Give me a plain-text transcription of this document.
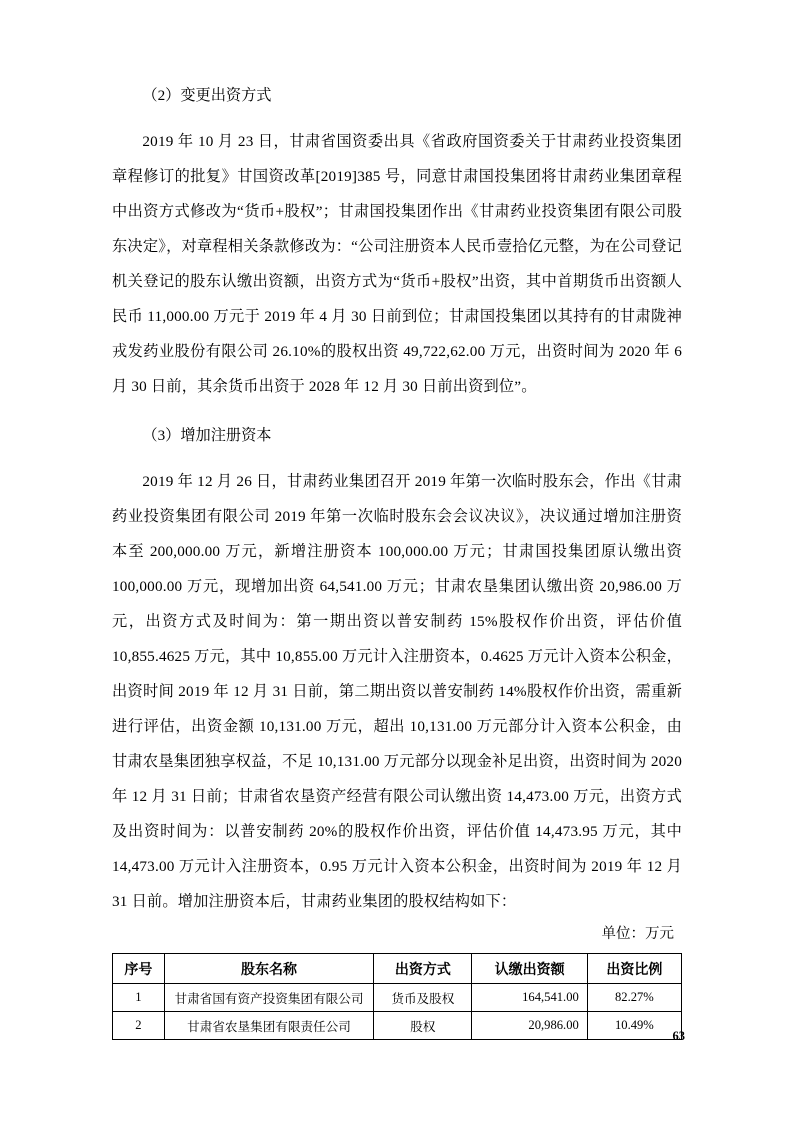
（2）变更出资方式

2019 年 10 月 23 日，甘肃省国资委出具《省政府国资委关于甘肃药业投资集团章程修订的批复》甘国资改革[2019]385 号，同意甘肃国投集团将甘肃药业集团章程中出资方式修改为“货币+股权”；甘肃国投集团作出《甘肃药业投资集团有限公司股东决定》，对章程相关条款修改为：“公司注册资本人民币壹拾亿元整，为在公司登记机关登记的股东认缴出资额，出资方式为“货币+股权”出资，其中首期货币出资额人民币 11,000.00 万元于 2019 年 4 月 30 日前到位；甘肃国投集团以其持有的甘肃陇神戎发药业股份有限公司 26.10%的股权出资 49,722,62.00 万元，出资时间为 2020 年 6 月 30 日前，其余货币出资于 2028 年 12 月 30 日前出资到位”。

（3）增加注册资本

2019 年 12 月 26 日，甘肃药业集团召开 2019 年第一次临时股东会，作出《甘肃药业投资集团有限公司 2019 年第一次临时股东会会议决议》，决议通过增加注册资本至 200,000.00 万元，新增注册资本 100,000.00 万元；甘肃国投集团原认缴出资 100,000.00 万元，现增加出资 64,541.00 万元；甘肃农垦集团认缴出资 20,986.00 万元，出资方式及时间为：第一期出资以普安制药 15%股权作价出资，评估价值 10,855.4625 万元，其中 10,855.00 万元计入注册资本，0.4625 万元计入资本公积金，出资时间 2019 年 12 月 31 日前，第二期出资以普安制药 14%股权作价出资，需重新进行评估，出资金额 10,131.00 万元，超出 10,131.00 万元部分计入资本公积金，由甘肃农垦集团独享权益，不足 10,131.00 万元部分以现金补足出资，出资时间为 2020 年 12 月 31 日前；甘肃省农垦资产经营有限公司认缴出资 14,473.00 万元，出资方式及出资时间为：以普安制药 20%的股权作价出资，评估价值 14,473.95 万元，其中 14,473.00 万元计入注册资本，0.95 万元计入资本公积金，出资时间为 2019 年 12 月 31 日前。增加注册资本后，甘肃药业集团的股权结构如下：

单位：万元

序号	股东名称	出资方式	认缴出资额	出资比例
1	甘肃省国有资产投资集团有限公司	货币及股权	164,541.00	82.27%
2	甘肃省农垦集团有限责任公司	股权	20,986.00	10.49%
63
